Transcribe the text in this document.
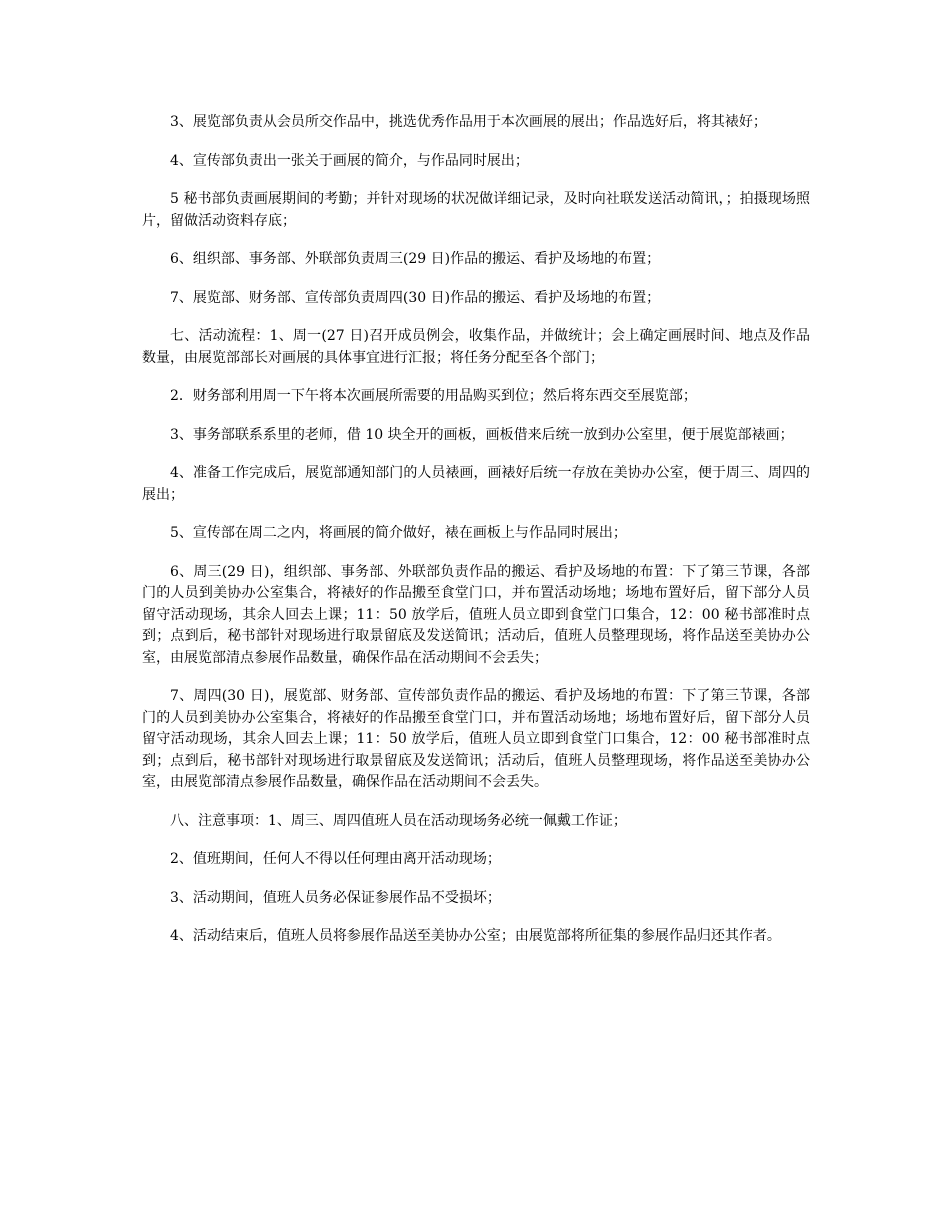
3、展览部负责从会员所交作品中，挑选优秀作品用于本次画展的展出；作品选好后，将其裱好；

4、宣传部负责出一张关于画展的简介，与作品同时展出；

5 秘书部负责画展期间的考勤；并针对现场的状况做详细记录，及时向社联发送活动简讯，；拍摄现场照片，留做活动资料存底；

6、组织部、事务部、外联部负责周三(29 日)作品的搬运、看护及场地的布置；

7、展览部、财务部、宣传部负责周四(30 日)作品的搬运、看护及场地的布置；

七、活动流程：1、周一(27 日)召开成员例会，收集作品，并做统计；会上确定画展时间、地点及作品数量，由展览部部长对画展的具体事宜进行汇报；将任务分配至各个部门；

2．财务部利用周一下午将本次画展所需要的用品购买到位；然后将东西交至展览部；

3、事务部联系系里的老师，借 10 块全开的画板，画板借来后统一放到办公室里，便于展览部裱画；

4、准备工作完成后，展览部通知部门的人员裱画，画裱好后统一存放在美协办公室，便于周三、周四的展出；

5、宣传部在周二之内，将画展的简介做好，裱在画板上与作品同时展出；

6、周三(29 日)，组织部、事务部、外联部负责作品的搬运、看护及场地的布置：下了第三节课，各部门的人员到美协办公室集合，将裱好的作品搬至食堂门口，并布置活动场地；场地布置好后，留下部分人员留守活动现场，其余人回去上课；11：50 放学后，值班人员立即到食堂门口集合，12：00 秘书部准时点到；点到后，秘书部针对现场进行取景留底及发送简讯；活动后，值班人员整理现场，将作品送至美协办公室，由展览部清点参展作品数量，确保作品在活动期间不会丢失；

7、周四(30 日)，展览部、财务部、宣传部负责作品的搬运、看护及场地的布置：下了第三节课，各部门的人员到美协办公室集合，将裱好的作品搬至食堂门口，并布置活动场地；场地布置好后，留下部分人员留守活动现场，其余人回去上课；11：50 放学后，值班人员立即到食堂门口集合，12：00 秘书部准时点到；点到后，秘书部针对现场进行取景留底及发送简讯；活动后，值班人员整理现场，将作品送至美协办公室，由展览部清点参展作品数量，确保作品在活动期间不会丢失。

八、注意事项：1、周三、周四值班人员在活动现场务必统一佩戴工作证；

2、值班期间，任何人不得以任何理由离开活动现场；

3、活动期间，值班人员务必保证参展作品不受损坏；

4、活动结束后，值班人员将参展作品送至美协办公室；由展览部将所征集的参展作品归还其作者。
